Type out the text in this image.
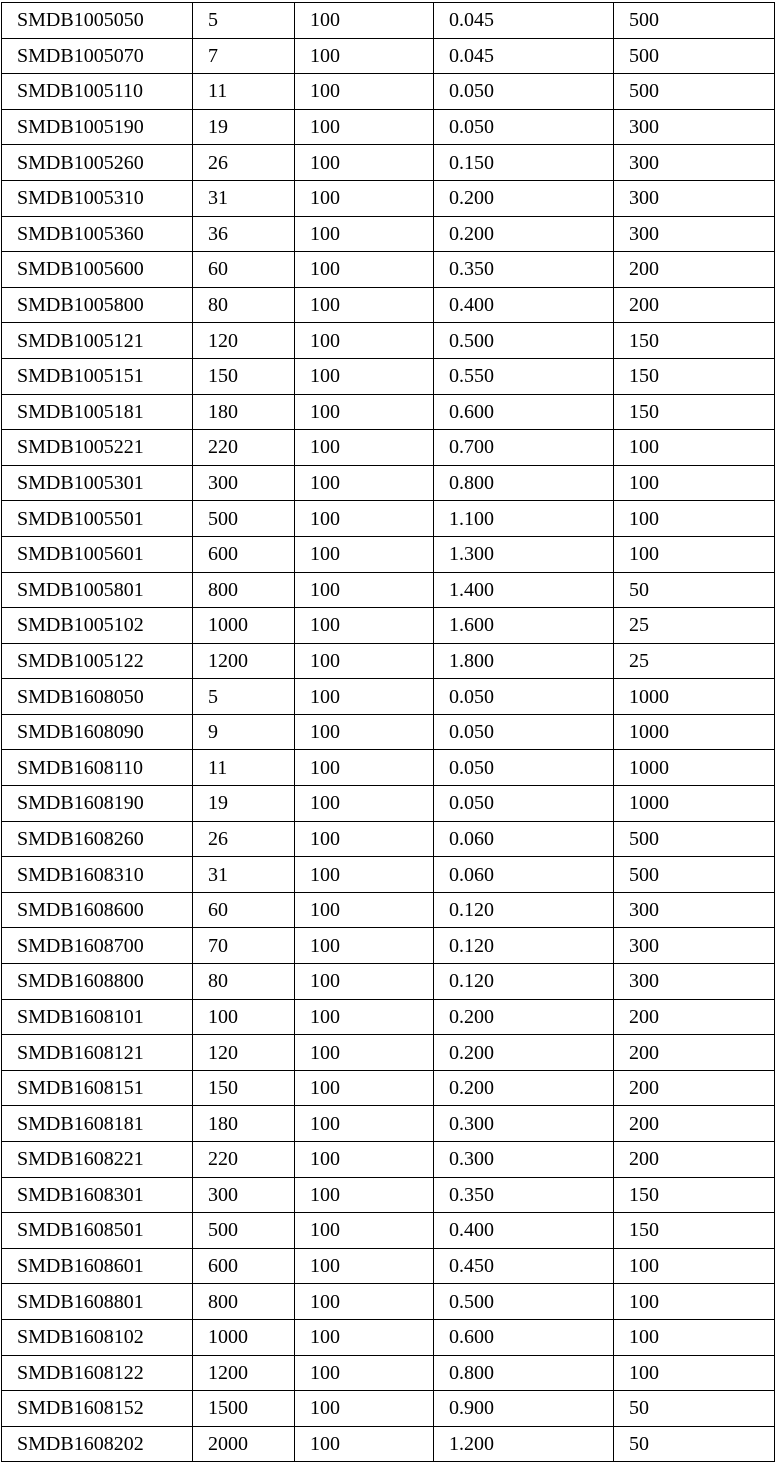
SMDB1005050	5	100	0.045	500
SMDB1005070	7	100	0.045	500
SMDB1005110	11	100	0.050	500
SMDB1005190	19	100	0.050	300
SMDB1005260	26	100	0.150	300
SMDB1005310	31	100	0.200	300
SMDB1005360	36	100	0.200	300
SMDB1005600	60	100	0.350	200
SMDB1005800	80	100	0.400	200
SMDB1005121	120	100	0.500	150
SMDB1005151	150	100	0.550	150
SMDB1005181	180	100	0.600	150
SMDB1005221	220	100	0.700	100
SMDB1005301	300	100	0.800	100
SMDB1005501	500	100	1.100	100
SMDB1005601	600	100	1.300	100
SMDB1005801	800	100	1.400	50
SMDB1005102	1000	100	1.600	25
SMDB1005122	1200	100	1.800	25
SMDB1608050	5	100	0.050	1000
SMDB1608090	9	100	0.050	1000
SMDB1608110	11	100	0.050	1000
SMDB1608190	19	100	0.050	1000
SMDB1608260	26	100	0.060	500
SMDB1608310	31	100	0.060	500
SMDB1608600	60	100	0.120	300
SMDB1608700	70	100	0.120	300
SMDB1608800	80	100	0.120	300
SMDB1608101	100	100	0.200	200
SMDB1608121	120	100	0.200	200
SMDB1608151	150	100	0.200	200
SMDB1608181	180	100	0.300	200
SMDB1608221	220	100	0.300	200
SMDB1608301	300	100	0.350	150
SMDB1608501	500	100	0.400	150
SMDB1608601	600	100	0.450	100
SMDB1608801	800	100	0.500	100
SMDB1608102	1000	100	0.600	100
SMDB1608122	1200	100	0.800	100
SMDB1608152	1500	100	0.900	50
SMDB1608202	2000	100	1.200	50
